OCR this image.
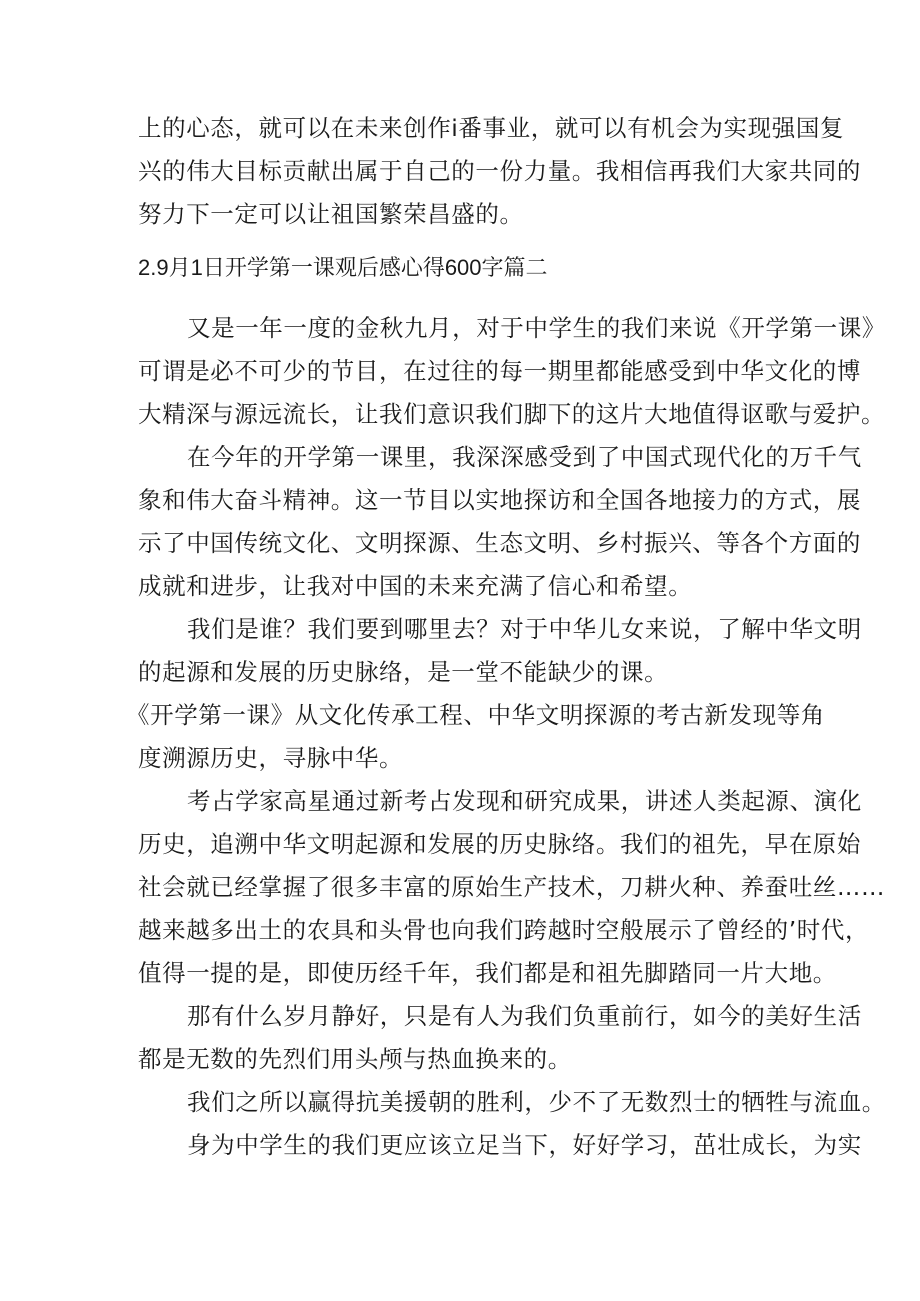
上的心态，就可以在未来创作i番事业，就可以有机会为实现强国复
兴的伟大目标贡献出属于自己的一份力量。我相信再我们大家共同的
努力下一定可以让祖国繁荣昌盛的。
2.9月1日开学第一课观后感心得600字篇二
又是一年一度的金秋九月，对于中学生的我们来说《开学第一课》
可谓是必不可少的节目，在过往的每一期里都能感受到中华文化的博
大精深与源远流长，让我们意识我们脚下的这片大地值得讴歌与爱护。
在今年的开学第一课里，我深深感受到了中国式现代化的万千气
象和伟大奋斗精神。这一节目以实地探访和全国各地接力的方式，展
示了中国传统文化、文明探源、生态文明、乡村振兴、等各个方面的
成就和进步，让我对中国的未来充满了信心和希望。
我们是谁？我们要到哪里去？对于中华儿女来说，了解中华文明
的起源和发展的历史脉络，是一堂不能缺少的课。
《开学第一课》从文化传承工程、中华文明探源的考古新发现等角
度溯源历史，寻脉中华。
考占学家高星通过新考占发现和研究成果，讲述人类起源、演化
历史，追溯中华文明起源和发展的历史脉络。我们的祖先，早在原始
社会就已经掌握了很多丰富的原始生产技术，刀耕火种、养蚕吐丝……
越来越多出土的农具和头骨也向我们跨越时空般展示了曾经的’时代，
值得一提的是，即使历经千年，我们都是和祖先脚踏同一片大地。
那有什么岁月静好，只是有人为我们负重前行，如今的美好生活
都是无数的先烈们用头颅与热血换来的。
我们之所以赢得抗美援朝的胜利，少不了无数烈士的牺牲与流血。
身为中学生的我们更应该立足当下，好好学习，茁壮成长，为实
